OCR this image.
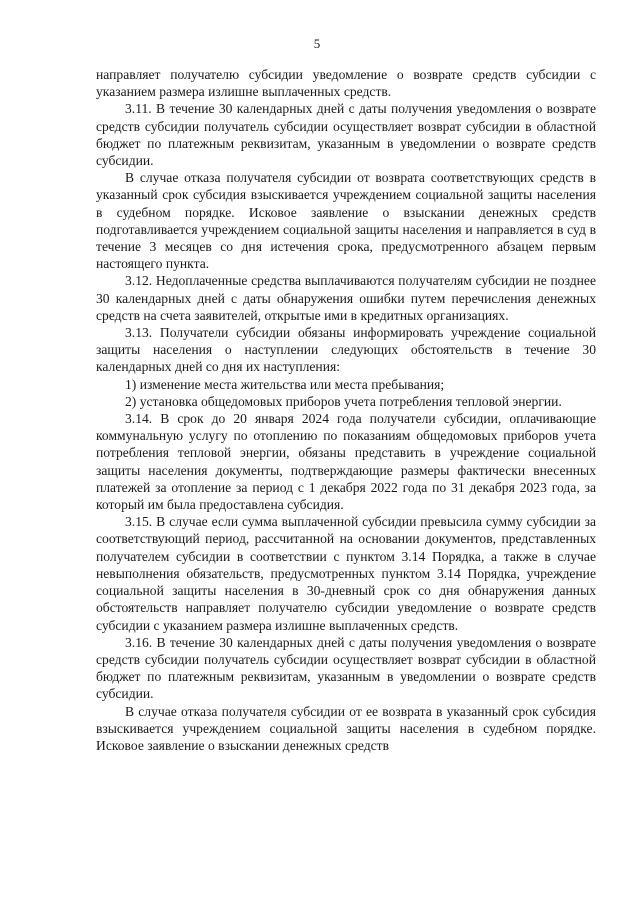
5

направляет получателю субсидии уведомление о возврате средств субсидии с указанием размера излишне выплаченных средств.

3.11. В течение 30 календарных дней с даты получения уведомления о возврате средств субсидии получатель субсидии осуществляет возврат субсидии в областной бюджет по платежным реквизитам, указанным в уведомлении о возврате средств субсидии.

В случае отказа получателя субсидии от возврата соответствующих средств в указанный срок субсидия взыскивается учреждением социальной защиты населения в судебном порядке. Исковое заявление о взыскании денежных средств подготавливается учреждением социальной защиты населения и направляется в суд в течение 3 месяцев со дня истечения срока, предусмотренного абзацем первым настоящего пункта.

3.12. Недоплаченные средства выплачиваются получателям субсидии не позднее 30 календарных дней с даты обнаружения ошибки путем перечисления денежных средств на счета заявителей, открытые ими в кредитных организациях.

3.13. Получатели субсидии обязаны информировать учреждение социальной защиты населения о наступлении следующих обстоятельств в течение 30 календарных дней со дня их наступления:

1) изменение места жительства или места пребывания;

2) установка общедомовых приборов учета потребления тепловой энергии.

3.14. В срок до 20 января 2024 года получатели субсидии, оплачивающие коммунальную услугу по отоплению по показаниям общедомовых приборов учета потребления тепловой энергии, обязаны представить в учреждение социальной защиты населения документы, подтверждающие размеры фактически внесенных платежей за отопление за период с 1 декабря 2022 года по 31 декабря 2023 года, за который им была предоставлена субсидия.

3.15. В случае если сумма выплаченной субсидии превысила сумму субсидии за соответствующий период, рассчитанной на основании документов, представленных получателем субсидии в соответствии с пунктом 3.14 Порядка, а также в случае невыполнения обязательств, предусмотренных пунктом 3.14 Порядка, учреждение социальной защиты населения в 30-дневный срок со дня обнаружения данных обстоятельств направляет получателю субсидии уведомление о возврате средств субсидии с указанием размера излишне выплаченных средств.

3.16. В течение 30 календарных дней с даты получения уведомления о возврате средств субсидии получатель субсидии осуществляет возврат субсидии в областной бюджет по платежным реквизитам, указанным в уведомлении о возврате средств субсидии.

В случае отказа получателя субсидии от ее возврата в указанный срок субсидия взыскивается учреждением социальной защиты населения в судебном порядке. Исковое заявление о взыскании денежных средств
